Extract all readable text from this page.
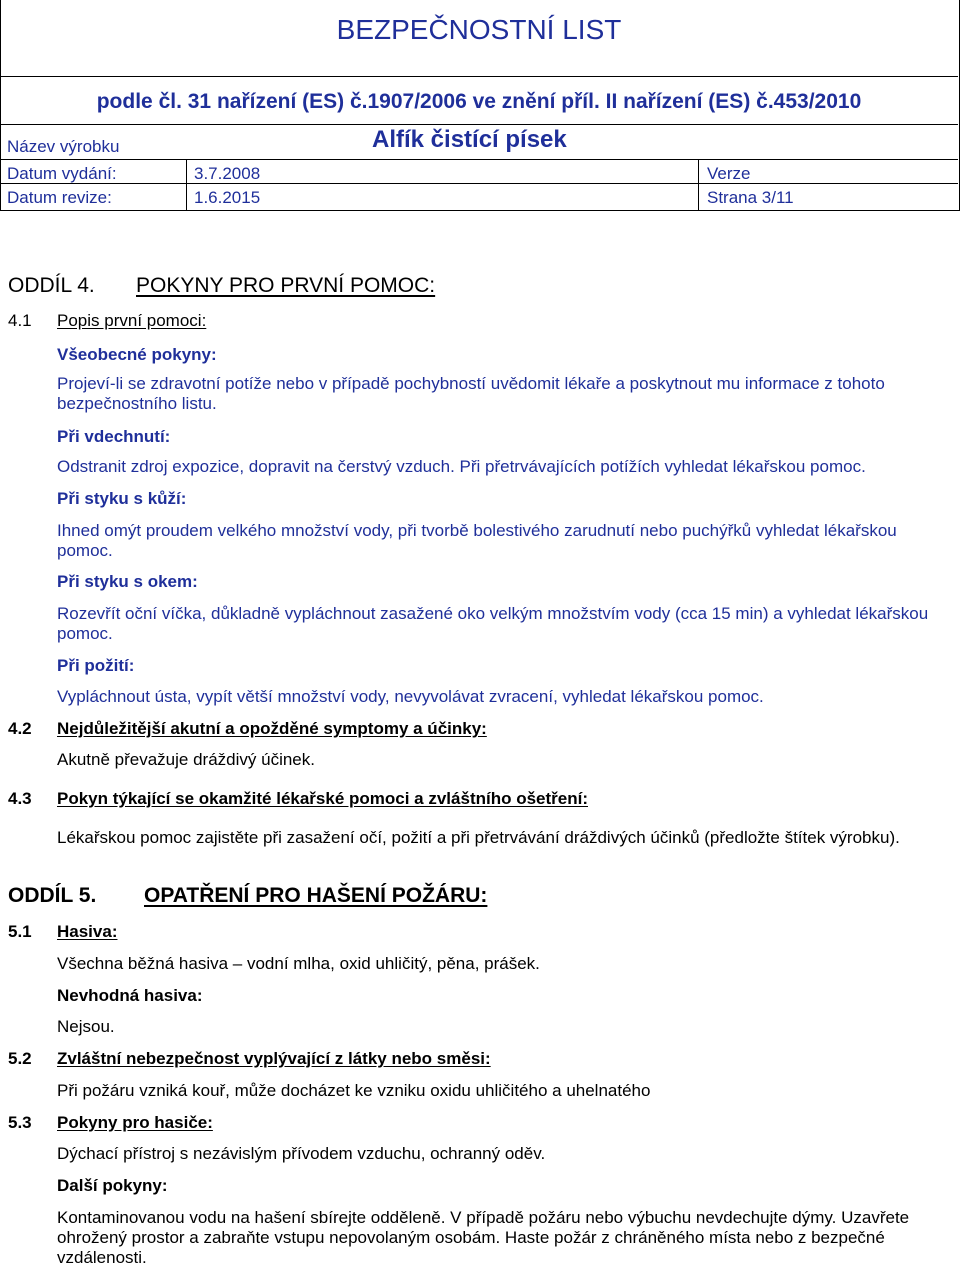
BEZPEČNOSTNÍ LIST
podle čl. 31 nařízení (ES) č.1907/2006 ve znění příl. II nařízení (ES) č.453/2010
Název výrobku	Alfík čistící písek
Datum vydání:	3.7.2008	Verze
Datum revize:	1.6.2015	Strana 3/11
ODDÍL 4. POKYNY PRO PRVNÍ POMOC:
4.1 Popis první pomoci:
Všeobecné pokyny:
Projeví-li se zdravotní potíže nebo v případě pochybností uvědomit lékaře a poskytnout mu informace z tohoto bezpečnostního listu.
Při vdechnutí:
Odstranit zdroj expozice, dopravit na čerstvý vzduch. Při přetrvávajících potížích vyhledat lékařskou pomoc.
Při styku s kůží:
Ihned omýt proudem velkého množství vody, při tvorbě bolestivého zarudnutí nebo puchýřků vyhledat lékařskou pomoc.
Při styku s okem:
Rozevřít oční víčka, důkladně vypláchnout zasažené oko velkým množstvím vody (cca 15 min) a vyhledat lékařskou pomoc.
Při požití:
Vypláchnout ústa, vypít větší množství vody, nevyvolávat zvracení, vyhledat lékařskou pomoc.
4.2 Nejdůležitější akutní a opožděné symptomy a účinky:
Akutně převažuje dráždivý účinek.
4.3 Pokyn týkající se okamžité lékařské pomoci a zvláštního ošetření:
Lékařskou pomoc zajistěte při zasažení očí, požití a při přetrvávání dráždivých účinků (předložte štítek výrobku).
ODDÍL 5. OPATŘENÍ PRO HAŠENÍ POŽÁRU:
5.1 Hasiva:
Všechna běžná hasiva – vodní mlha, oxid uhličitý, pěna, prášek.
Nevhodná hasiva:
Nejsou.
5.2 Zvláštní nebezpečnost vyplývající z látky nebo směsi:
Při požáru vzniká kouř, může docházet ke vzniku oxidu uhličitého a uhelnatého
5.3 Pokyny pro hasiče:
Dýchací přístroj s nezávislým přívodem vzduchu, ochranný oděv.
Další pokyny:
Kontaminovanou vodu na hašení sbírejte odděleně. V případě požáru nebo výbuchu nevdechujte dýmy. Uzavřete ohrožený prostor a zabraňte vstupu nepovolaným osobám. Haste požár z chráněného místa nebo z bezpečné vzdálenosti.
